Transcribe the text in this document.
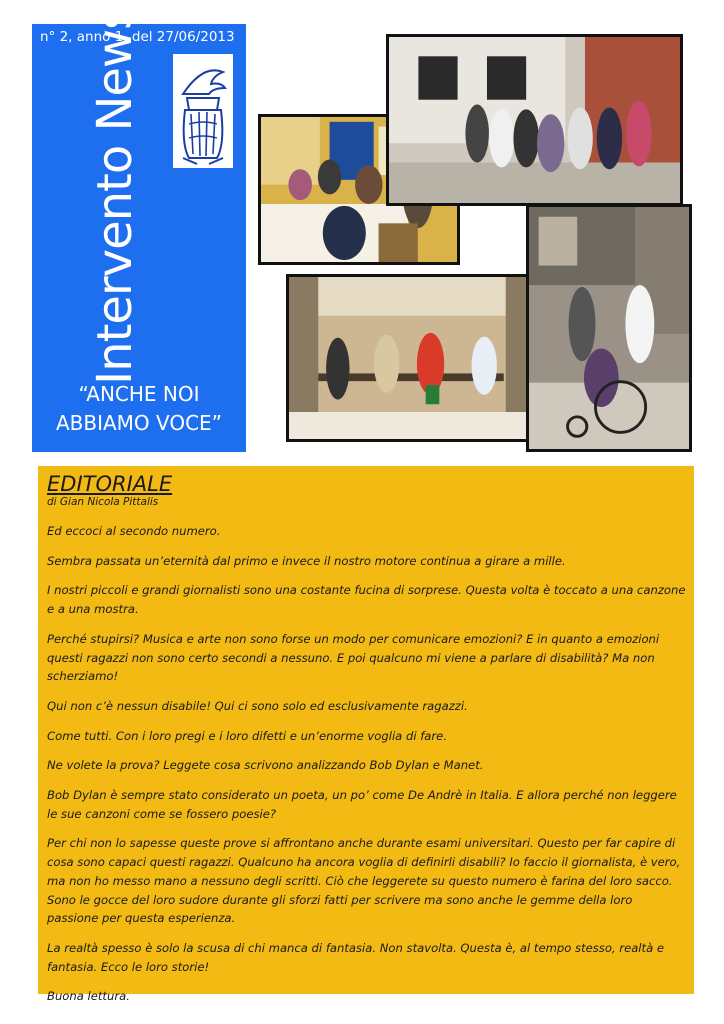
n° 2, anno 1, del 27/06/2013
Intervento News
“ANCHE NOI
ABBIAMO VOCE”
EDITORIALE
di Gian Nicola Pittalis

Ed eccoci al secondo numero.

Sembra passata un’eternità dal primo e invece il nostro motore continua a girare a mille.

I nostri piccoli e grandi giornalisti sono una costante fucina di sorprese. Questa volta è toccato a una canzone e a una mostra.

Perché stupirsi? Musica e arte non sono forse un modo per comunicare emozioni? E in quanto a emozioni questi ragazzi non sono certo secondi a nessuno. E poi qualcuno mi viene a parlare di disabilità? Ma non scherziamo!

Qui non c’è nessun disabile! Qui ci sono solo ed esclusivamente ragazzi.

Come tutti. Con i loro pregi e i loro difetti e un’enorme voglia di fare.

Ne volete la prova? Leggete cosa scrivono analizzando Bob Dylan e Manet.

Bob Dylan è sempre stato considerato un poeta, un po’ come De Andrè in Italia. E allora perché non leggere le sue canzoni come se fossero poesie?

Per chi non lo sapesse queste prove si affrontano anche durante esami universitari. Questo per far capire di cosa sono capaci questi ragazzi. Qualcuno ha ancora voglia di definirli disabili? Io faccio il giornalista, è vero, ma non ho messo mano a nessuno degli scritti. Ciò che leggerete su questo numero è farina del loro sacco. Sono le gocce del loro sudore durante gli sforzi fatti per scrivere ma sono anche le gemme della loro passione per questa esperienza.

La realtà spesso è solo la scusa di chi manca di fantasia. Non stavolta. Questa è, al tempo stesso, realtà e fantasia. Ecco le loro storie!

Buona lettura.
